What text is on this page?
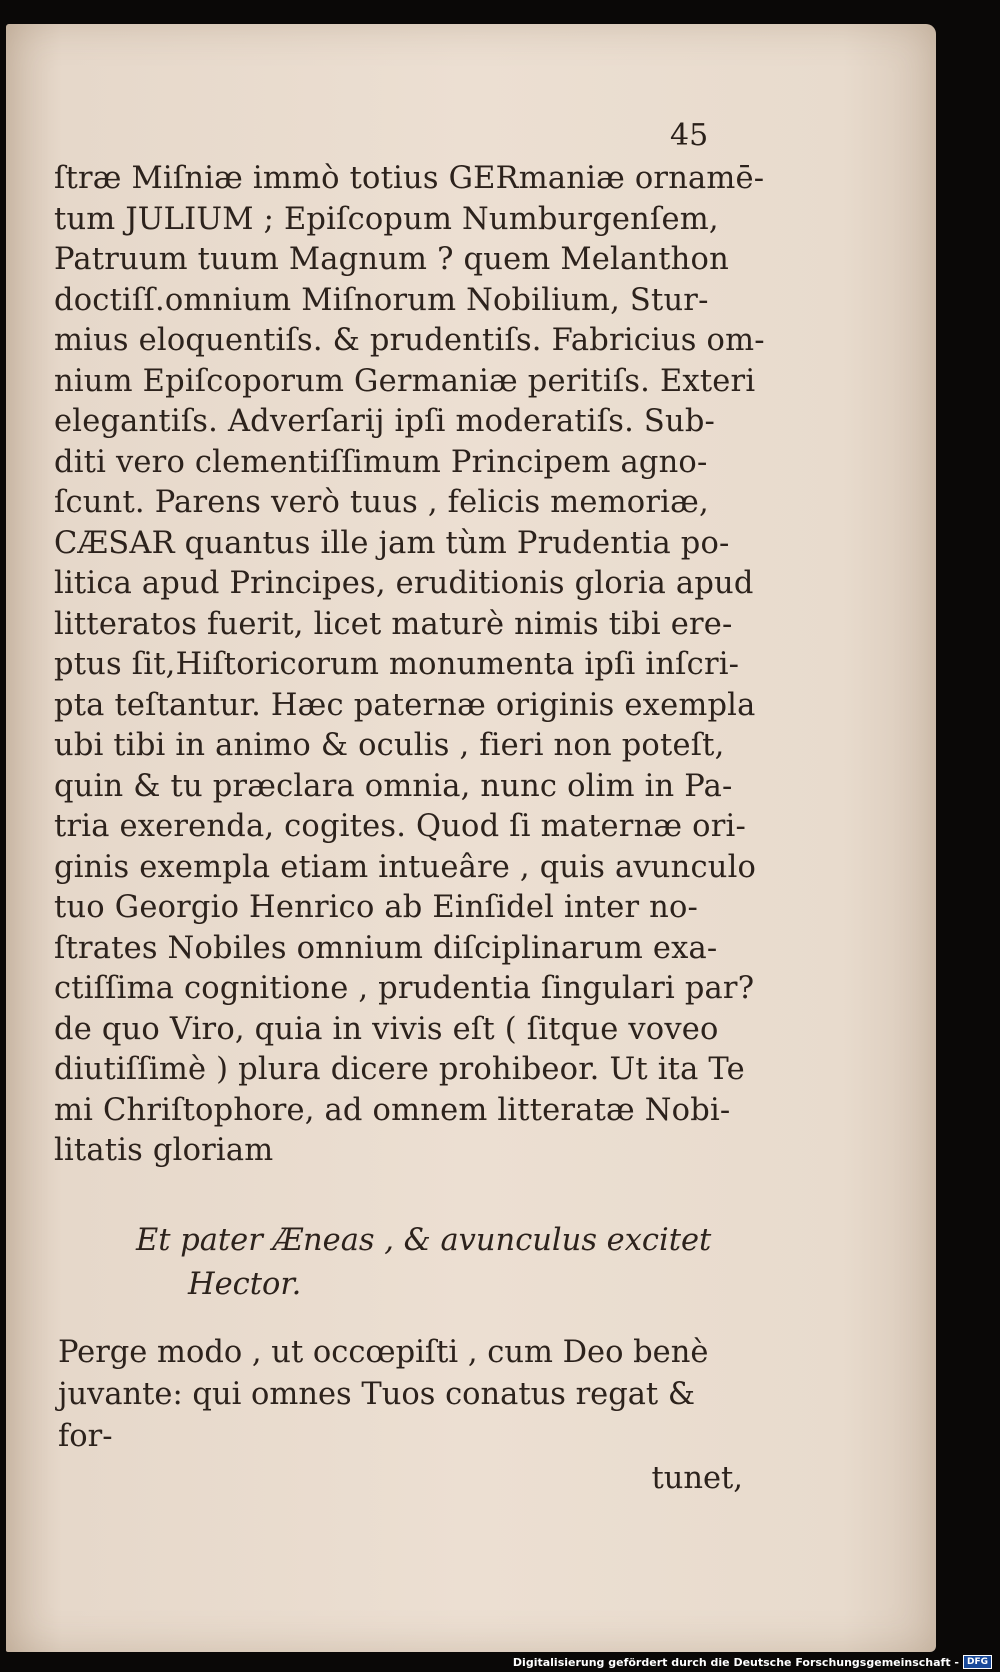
45
ſtræ Miſniæ immò totius GERmaniæ ornamē-
tum JULIUM ; Epiſcopum Numburgenſem,
Patruum tuum Magnum ? quem Melanthon
doctiſſ.omnium Miſnorum Nobilium, Stur-
mius eloquentiſs. & prudentiſs. Fabricius om-
nium Epiſcoporum Germaniæ peritiſs. Exteri
elegantiſs. Adverſarij ipſi moderatiſs. Sub-
diti vero clementiſſimum Principem agno-
ſcunt. Parens verò tuus , felicis memoriæ,
CÆSAR quantus ille jam tùm Prudentia po-
litica apud Principes, eruditionis gloria apud
litteratos fuerit, licet maturè nimis tibi ere-
ptus ſit,Hiſtoricorum monumenta ipſi inſcri-
pta teſtantur. Hæc paternæ originis exempla
ubi tibi in animo & oculis , fieri non poteſt,
quin & tu præclara omnia, nunc olim in Pa-
tria exerenda, cogites. Quod ſi maternæ ori-
ginis exempla etiam intueâre , quis avunculo
tuo Georgio Henrico ab Einſidel inter no-
ſtrates Nobiles omnium diſciplinarum exa-
ctiſſima cognitione , prudentia ſingulari par?
de quo Viro, quia in vivis eſt ( ſitque voveo
diutiſſimè ) plura dicere prohibeor. Ut ita Te
mi Chriſtophore, ad omnem litteratæ Nobi-
litatis gloriam
Et pater Æneas , & avunculus excitet
Hector.
Perge modo , ut occœpiſti , cum Deo benè
juvante: qui omnes Tuos conatus regat & for-
tunet,
Digitalisierung gefördert durch die Deutsche Forschungsgemeinschaft - DFG
